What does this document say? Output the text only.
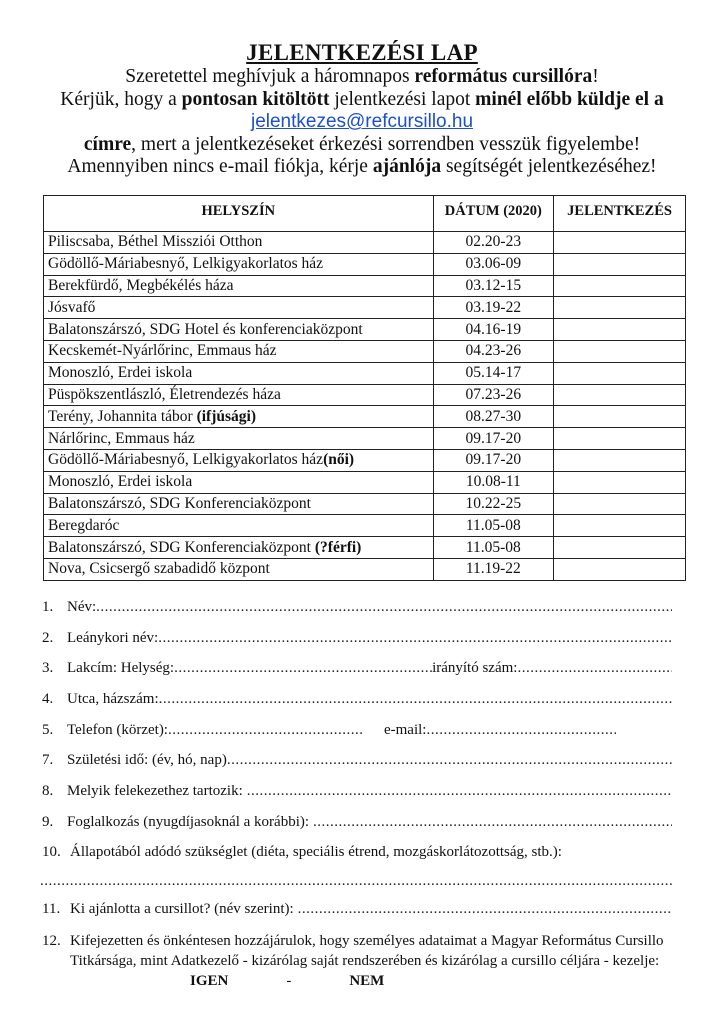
JELENTKEZÉSI LAP
Szeretettel meghívjuk a háromnapos református cursillóra!
Kérjük, hogy a pontosan kitöltött jelentkezési lapot minél előbb küldje el a
jelentkezes@refcursillo.hu
címre, mert a jelentkezéseket érkezési sorrendben vesszük figyelembe!
Amennyiben nincs e-mail fiókja, kérje ajánlója segítségét jelentkezéséhez!
HELYSZÍN	DÁTUM (2020)	JELENTKEZÉS
Piliscsaba, Béthel Missziói Otthon	02.20-23	
Gödöllő-Máriabesnyő, Lelkigyakorlatos ház	03.06-09	
Berekfürdő, Megbékélés háza	03.12-15	
Jósvafő	03.19-22	
Balatonszárszó, SDG Hotel és konferenciaközpont	04.16-19	
Kecskemét-Nyárlőrinc, Emmaus ház	04.23-26	
Monoszló, Erdei iskola	05.14-17	
Püspökszentlászló, Életrendezés háza	07.23-26	
Terény, Johannita tábor (ifjúsági)	08.27-30	
Nárlőrinc, Emmaus ház	09.17-20	
Gödöllő-Máriabesnyő, Lelkigyakorlatos ház(női)	09.17-20	
Monoszló, Erdei iskola	10.08-11	
Balatonszárszó, SDG Konferenciaközpont	10.22-25	
Beregdaróc	11.05-08	
Balatonszárszó, SDG Konferenciaközpont (?férfi)	11.05-08	
Nova, Csicsergő szabadidő központ	11.19-22	
1. Név:
.....
2. Leánykori név:
.....
3. Lakcím: Helység: .....	irányító szám:
.....
4. Utca, házszám:
.....
5. Telefon (körzet): .....	e-mail:
.....
7. Születési idő: (év, hó, nap)
.....
8. Melyik felekezethez tartozik:
.....
9. Foglalkozás (nyugdíjasoknál a korábbi):
.....
10. Állapotából adódó szükséglet (diéta, speciális étrend, mozgáskorlátozottság, stb.):
.....
11. Ki ajánlotta a cursillot? (név szerint):
.....
12. Kifejezetten és önkéntesen hozzájárulok, hogy személyes adataimat a Magyar Református Cursillo Titkársága, mint Adatkezelő - kizárólag saját rendszerében és kizárólag a cursillo céljára - kezelje:
IGEN	-	NEM
